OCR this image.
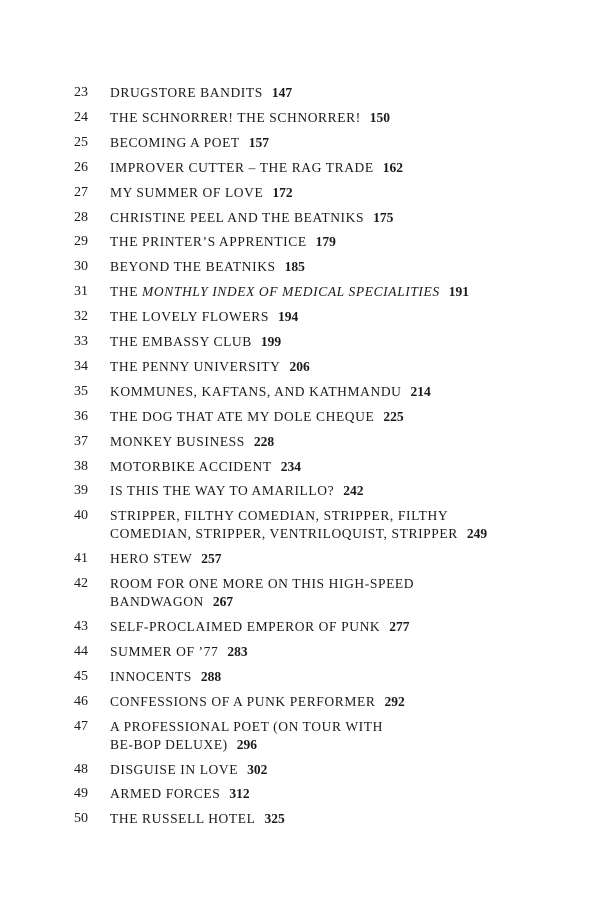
23	DRUGSTORE BANDITS 147
24	THE SCHNORRER! THE SCHNORRER! 150
25	BECOMING A POET 157
26	IMPROVER CUTTER – THE RAG TRADE 162
27	MY SUMMER OF LOVE 172
28	CHRISTINE PEEL AND THE BEATNIKS 175
29	THE PRINTER’S APPRENTICE 179
30	BEYOND THE BEATNIKS 185
31	THE MONTHLY INDEX OF MEDICAL SPECIALITIES 191
32	THE LOVELY FLOWERS 194
33	THE EMBASSY CLUB 199
34	THE PENNY UNIVERSITY 206
35	KOMMUNES, KAFTANS, AND KATHMANDU 214
36	THE DOG THAT ATE MY DOLE CHEQUE 225
37	MONKEY BUSINESS 228
38	MOTORBIKE ACCIDENT 234
39	IS THIS THE WAY TO AMARILLO? 242
40	STRIPPER, FILTHY COMEDIAN, STRIPPER, FILTHY
COMEDIAN, STRIPPER, VENTRILOQUIST, STRIPPER 249
41	HERO STEW 257
42	ROOM FOR ONE MORE ON THIS HIGH-SPEED
BANDWAGON 267
43	SELF-PROCLAIMED EMPEROR OF PUNK 277
44	SUMMER OF ’77 283
45	INNOCENTS 288
46	CONFESSIONS OF A PUNK PERFORMER 292
47	A PROFESSIONAL POET (ON TOUR WITH
BE-BOP DELUXE) 296
48	DISGUISE IN LOVE 302
49	ARMED FORCES 312
50	THE RUSSELL HOTEL 325
